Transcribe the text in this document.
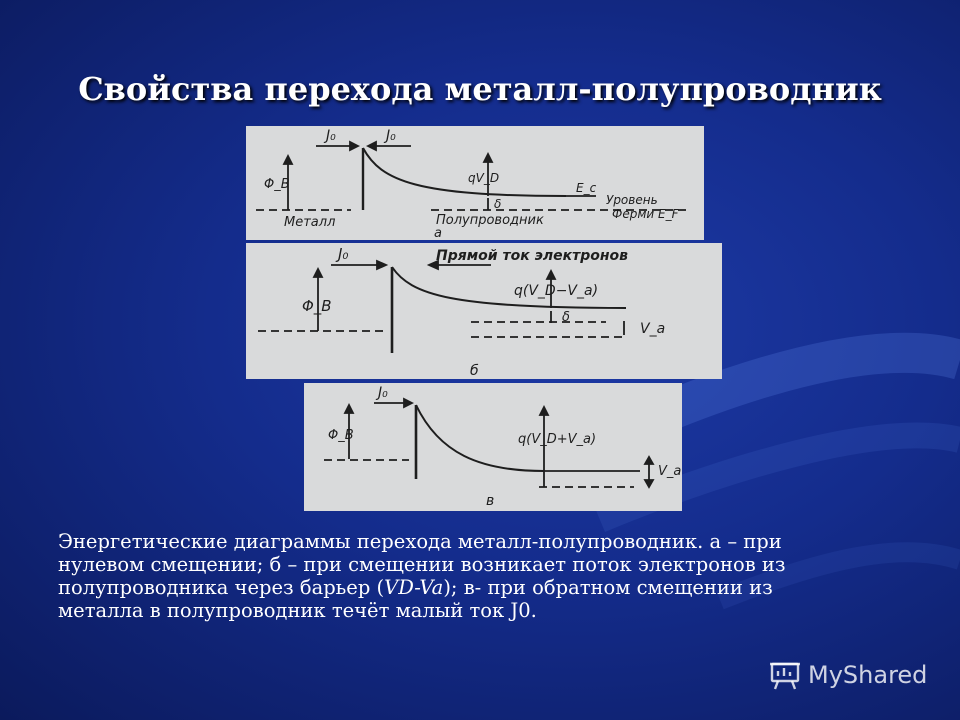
Свойства перехода металл-полупроводник
J₀	J₀
Φ_B	qV_D
δ
E_c
Уровень
Ферми E_F
Металл	Полупроводник
а
J₀	Прямой ток электронов
Φ_B
q(V_D−V_a)
δ
V_a
б
J₀
Φ_B	q(V_D+V_a)
V_a
в
Энергетические диаграммы перехода металл-полупроводник. а – при нулевом смещении; б – при смещении возникает поток электронов из полупроводника через барьер (VD-Va); в- при обратном смещении из металла в полупроводник течёт малый ток J0.
MyShared
